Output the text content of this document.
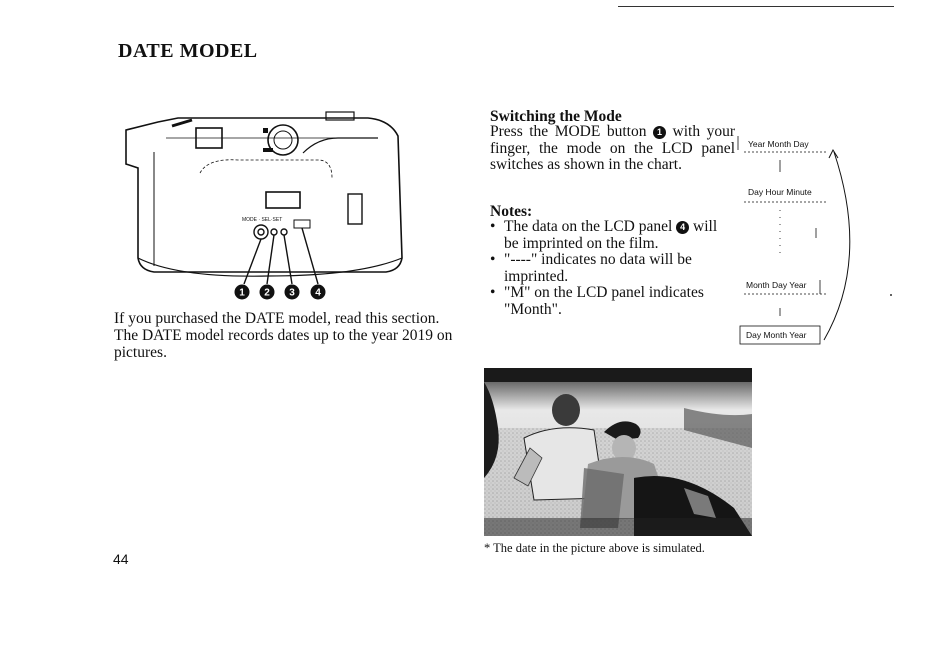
DATE MODEL
MODE · SEL·SET
1 2 3 4
If you purchased the DATE model, read this section. The DATE model records dates up to the year 2019 on pictures.
Switching the Mode
Press the MODE button 1 with your finger, the mode on the LCD panel switches as shown in the chart.
Notes:
• The data on the LCD panel 4 will be imprinted on the film.
• "----" indicates no data will be imprinted.
• "M" on the LCD panel indicates "Month".
Year Month Day
Day Hour Minute
Month Day Year
Day Month Year
* The date in the picture above is simulated.
44
